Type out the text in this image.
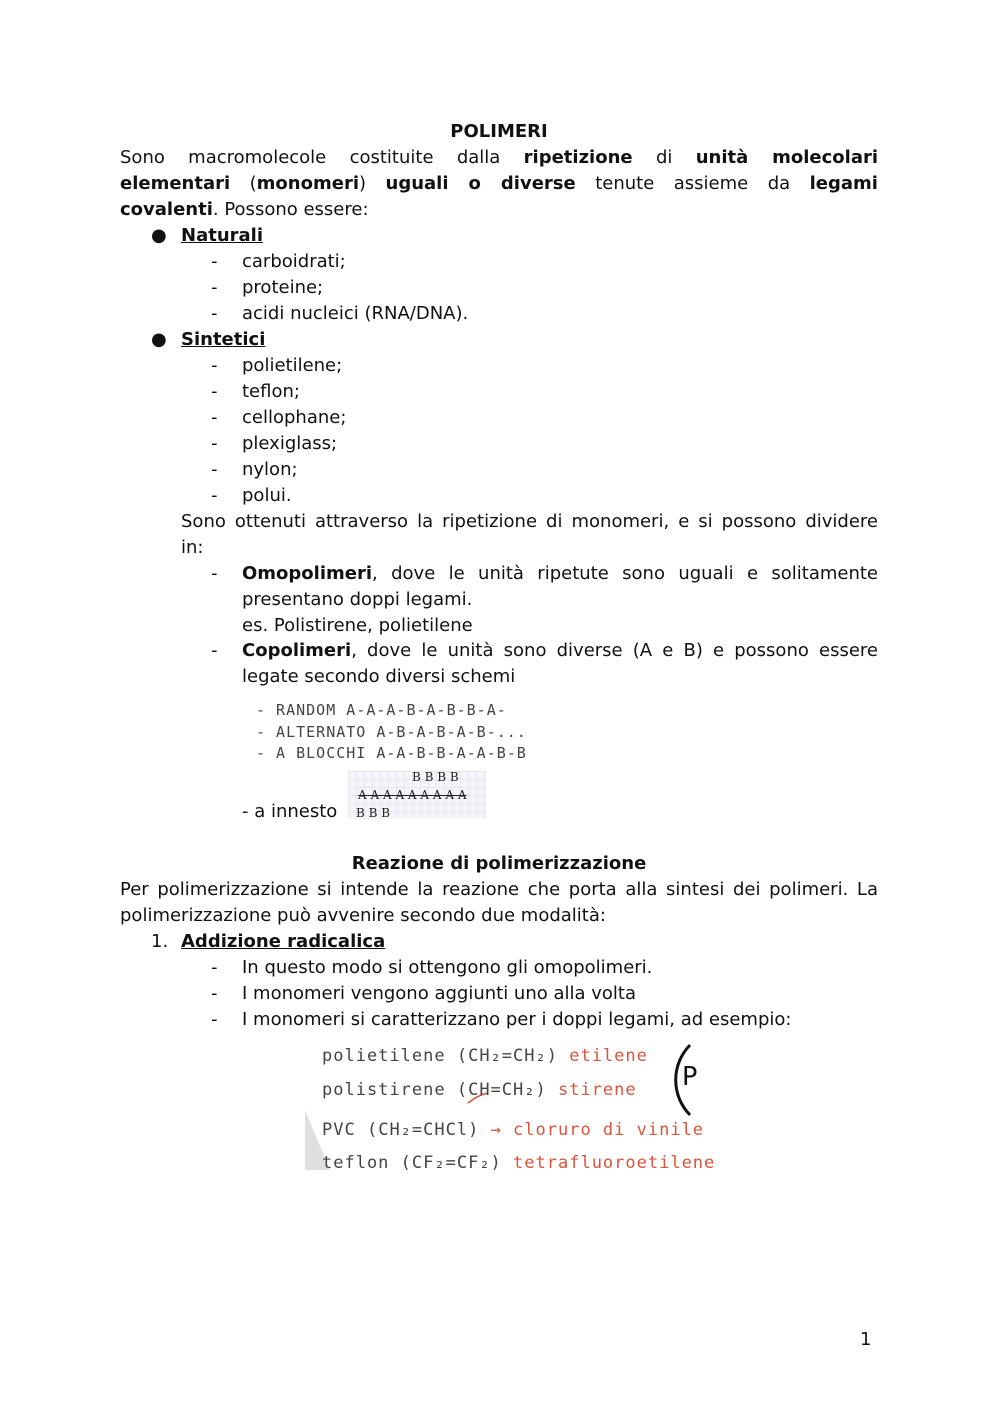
POLIMERI
Sono macromolecole costituite dalla ripetizione di unità molecolari
elementari (monomeri) uguali o diverse tenute assieme da legami
covalenti. Possono essere:
● Naturali
- carboidrati;
- proteine;
- acidi nucleici (RNA/DNA).
● Sintetici
- polietilene;
- teflon;
- cellophane;
- plexiglass;
- nylon;
- polui.
Sono ottenuti attraverso la ripetizione di monomeri, e si possono dividere
in:
- Omopolimeri, dove le unità ripetute sono uguali e solitamente
presentano doppi legami.
es. Polistirene, polietilene
- Copolimeri, dove le unità sono diverse (A e B) e possono essere
legate secondo diversi schemi
- RANDOM A-A-A-B-A-B-B-A-
- ALTERNATO A-B-A-B-A-B-...
- A BLOCCHI A-A-B-B-A-A-B-B
B B B B
A A A A A A A A A
B B B
- a innesto
Reazione di polimerizzazione
Per polimerizzazione si intende la reazione che porta alla sintesi dei polimeri. La
polimerizzazione può avvenire secondo due modalità:
1. Addizione radicalica
- In questo modo si ottengono gli omopolimeri.
- I monomeri vengono aggiunti uno alla volta
- I monomeri si caratterizzano per i doppi legami, ad esempio:
P
polietilene (CH₂=CH₂) etilene
polistirene (CH=CH₂) stirene
PVC (CH₂=CHCl) → cloruro di vinile
teflon (CF₂=CF₂) tetrafluoroetilene
1
